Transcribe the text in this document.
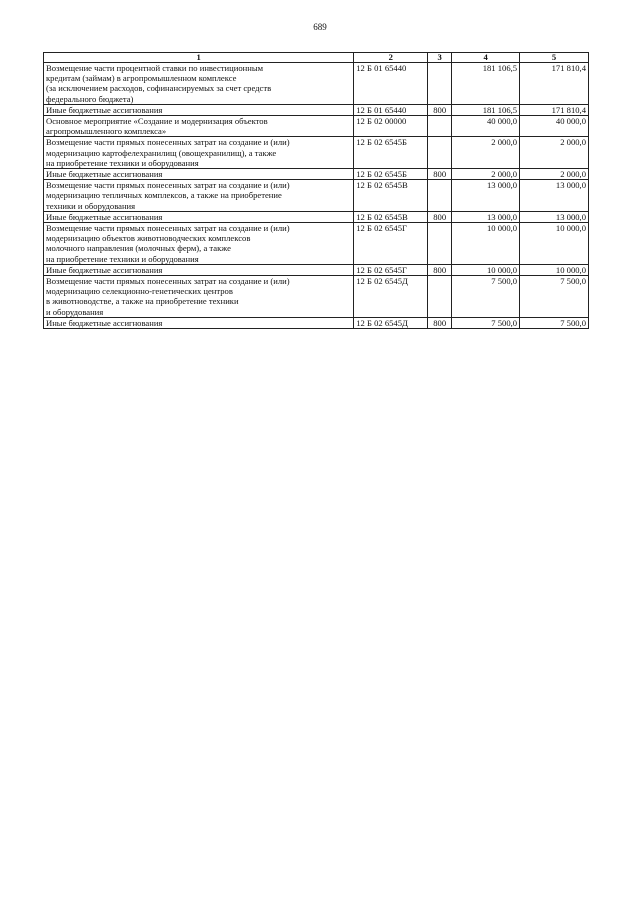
689
1	2	3	4	5
Возмещение части процентной ставки по инвестиционным
кредитам (займам) в агропромышленном комплексе
(за исключением расходов, софинансируемых за счет средств
федерального бюджета)	12 Б 01 65440		181 106,5	171 810,4
Иные бюджетные ассигнования	12 Б 01 65440	800	181 106,5	171 810,4
Основное мероприятие «Создание и модернизация объектов
агропромышленного комплекса»	12 Б 02 00000		40 000,0	40 000,0
Возмещение части прямых понесенных затрат на создание и (или)
модернизацию картофелехранилищ (овощехранилищ), а также
на приобретение техники и оборудования	12 Б 02 6545Б		2 000,0	2 000,0
Иные бюджетные ассигнования	12 Б 02 6545Б	800	2 000,0	2 000,0
Возмещение части прямых понесенных затрат на создание и (или)
модернизацию тепличных комплексов, а также на приобретение
техники и оборудования	12 Б 02 6545В		13 000,0	13 000,0
Иные бюджетные ассигнования	12 Б 02 6545В	800	13 000,0	13 000,0
Возмещение части прямых понесенных затрат на создание и (или)
модернизацию объектов животноводческих комплексов
молочного направления (молочных ферм), а также
на приобретение техники и оборудования	12 Б 02 6545Г		10 000,0	10 000,0
Иные бюджетные ассигнования	12 Б 02 6545Г	800	10 000,0	10 000,0
Возмещение части прямых понесенных затрат на создание и (или)
модернизацию селекционно-генетических центров
в животноводстве, а также на приобретение техники
и оборудования	12 Б 02 6545Д		7 500,0	7 500,0
Иные бюджетные ассигнования	12 Б 02 6545Д	800	7 500,0	7 500,0
